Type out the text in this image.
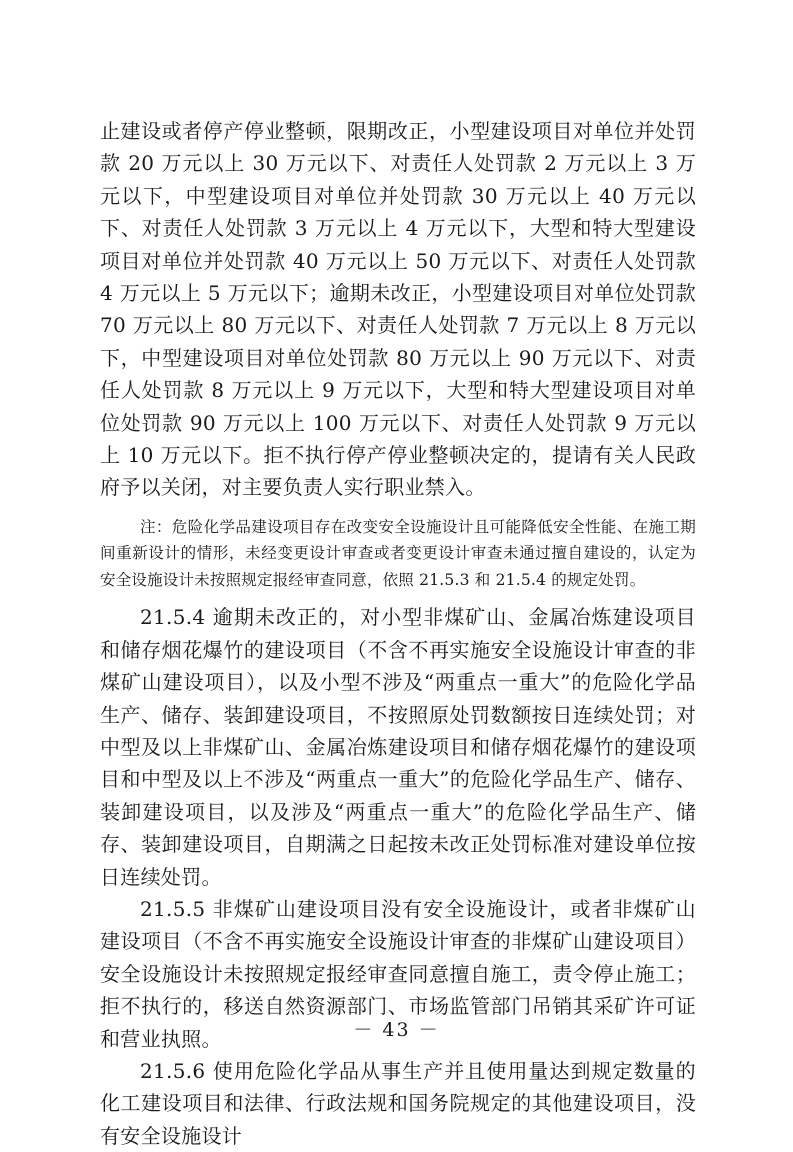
止建设或者停产停业整顿，限期改正，小型建设项目对单位并处罚款 20 万元以上 30 万元以下、对责任人处罚款 2 万元以上 3 万元以下，中型建设项目对单位并处罚款 30 万元以上 40 万元以下、对责任人处罚款 3 万元以上 4 万元以下，大型和特大型建设项目对单位并处罚款 40 万元以上 50 万元以下、对责任人处罚款 4 万元以上 5 万元以下；逾期未改正，小型建设项目对单位处罚款 70 万元以上 80 万元以下、对责任人处罚款 7 万元以上 8 万元以下，中型建设项目对单位处罚款 80 万元以上 90 万元以下、对责任人处罚款 8 万元以上 9 万元以下，大型和特大型建设项目对单位处罚款 90 万元以上 100 万元以下、对责任人处罚款 9 万元以上 10 万元以下。拒不执行停产停业整顿决定的，提请有关人民政府予以关闭，对主要负责人实行职业禁入。

注：危险化学品建设项目存在改变安全设施设计且可能降低安全性能、在施工期间重新设计的情形，未经变更设计审查或者变更设计审查未通过擅自建设的，认定为安全设施设计未按照规定报经审查同意，依照 21.5.3 和 21.5.4 的规定处罚。

21.5.4 逾期未改正的，对小型非煤矿山、金属冶炼建设项目和储存烟花爆竹的建设项目（不含不再实施安全设施设计审查的非煤矿山建设项目），以及小型不涉及“两重点一重大”的危险化学品生产、储存、装卸建设项目，不按照原处罚数额按日连续处罚；对中型及以上非煤矿山、金属冶炼建设项目和储存烟花爆竹的建设项目和中型及以上不涉及“两重点一重大”的危险化学品生产、储存、装卸建设项目，以及涉及“两重点一重大”的危险化学品生产、储存、装卸建设项目，自期满之日起按未改正处罚标准对建设单位按日连续处罚。

21.5.5 非煤矿山建设项目没有安全设施设计，或者非煤矿山建设项目（不含不再实施安全设施设计审查的非煤矿山建设项目）安全设施设计未按照规定报经审查同意擅自施工，责令停止施工；拒不执行的，移送自然资源部门、市场监管部门吊销其采矿许可证和营业执照。

21.5.6 使用危险化学品从事生产并且使用量达到规定数量的化工建设项目和法律、行政法规和国务院规定的其他建设项目，没有安全设施设计

－ 43 －
